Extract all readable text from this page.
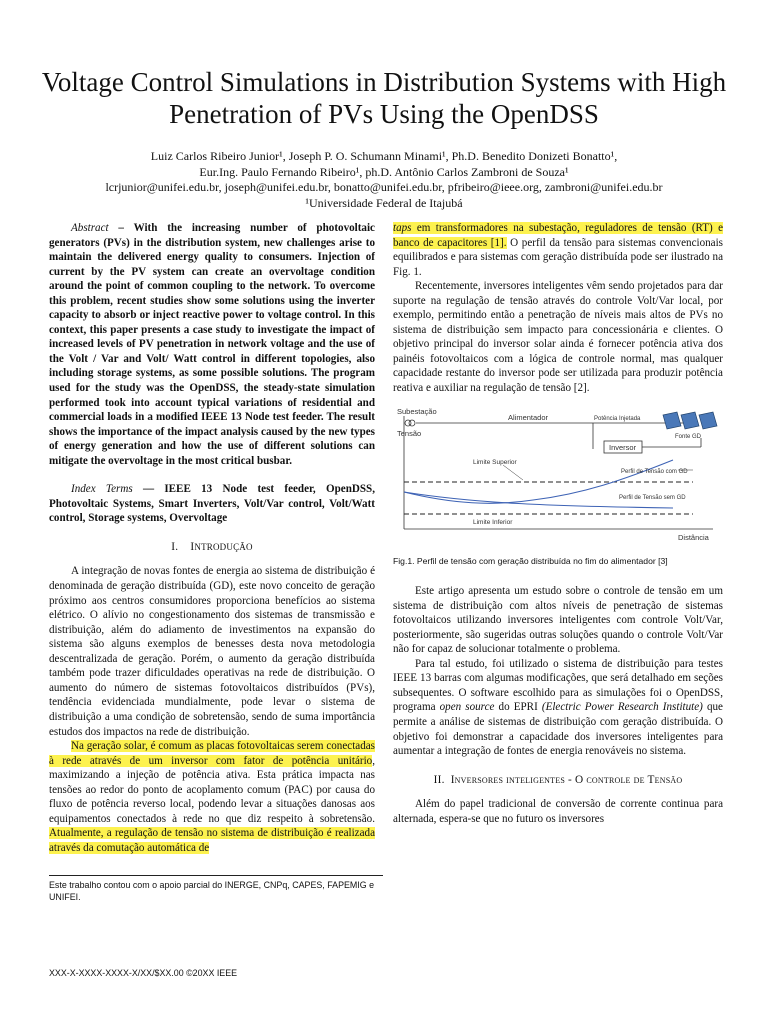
Voltage Control Simulations in Distribution Systems with High Penetration of PVs Using the OpenDSS
Luiz Carlos Ribeiro Junior¹, Joseph P. O. Schumann Minami¹, Ph.D. Benedito Donizeti Bonatto¹,
Eur.Ing. Paulo Fernando Ribeiro¹, ph.D. Antônio Carlos Zambroni de Souza¹
lcrjunior@unifei.edu.br, joseph@unifei.edu.br, bonatto@unifei.edu.br, pfribeiro@ieee.org, zambroni@unifei.edu.br
¹Universidade Federal de Itajubá

Abstract – With the increasing number of photovoltaic generators (PVs) in the distribution system, new challenges arise to maintain the delivered energy quality to consumers. Injection of current by the PV system can create an overvoltage condition around the point of common coupling to the network. To overcome this problem, recent studies show some solutions using the inverter capacity to absorb or inject reactive power to voltage control. In this context, this paper presents a case study to investigate the impact of increased levels of PV penetration in network voltage and the use of the Volt / Var and Volt/ Watt control in different topologies, also including storage systems, as some possible solutions. The program used for the study was the OpenDSS, the steady-state simulation performed took into account typical variations of residential and commercial loads in a modified IEEE 13 Node test feeder. The result shows the importance of the impact analysis caused by the new types of energy generation and how the use of different solutions can mitigate the overvoltage in the most critical busbar.

Index Terms — IEEE 13 Node test feeder, OpenDSS, Photovoltaic Systems, Smart Inverters, Volt/Var control, Volt/Watt control, Storage systems, Overvoltage

I. INTRODUÇÃO

A integração de novas fontes de energia ao sistema de distribuição é denominada de geração distribuída (GD), este novo conceito de geração próximo aos centros consumidores proporciona benefícios ao sistema elétrico. O alívio no congestionamento dos sistemas de transmissão e distribuição, além do adiamento de investimentos na expansão do sistema são alguns exemplos de benesses desta nova metodologia descentralizada de geração. Porém, o aumento da geração distribuída também pode trazer dificuldades operativas na rede de distribuição. O aumento do número de sistemas fotovoltaicos distribuídos (PVs), tendência evidenciada mundialmente, pode levar o sistema de distribuição a uma condição de sobretensão, sendo de suma importância estudos dos impactos na rede de distribuição.

Na geração solar, é comum as placas fotovoltaicas serem conectadas à rede através de um inversor com fator de potência unitário, maximizando a injeção de potência ativa. Esta prática impacta nas tensões ao redor do ponto de acoplamento comum (PAC) por causa do fluxo de potência reverso local, podendo levar a situações danosas aos equipamentos conectados à rede no que diz respeito à sobretensão. Atualmente, a regulação de tensão no sistema de distribuição é realizada através da comutação automática de

Este trabalho contou com o apoio parcial do INERGE, CNPq, CAPES, FAPEMIG e UNIFEI.
XXX-X-XXXX-XXXX-X/XX/$XX.00 ©20XX IEEE

taps em transformadores na subestação, reguladores de tensão (RT) e banco de capacitores [1]. O perfil da tensão para sistemas convencionais equilibrados e para sistemas com geração distribuída pode ser ilustrado na Fig. 1.

Recentemente, inversores inteligentes vêm sendo projetados para dar suporte na regulação de tensão através do controle Volt/Var local, por exemplo, permitindo então a penetração de níveis mais altos de PVs no sistema de distribuição sem impacto para concessionária e clientes. O objetivo principal do inversor solar ainda é fornecer potência ativa dos painéis fotovoltaicos com a lógica de controle normal, mas qualquer capacidade restante do inversor pode ser utilizada para produzir potência reativa e auxiliar na regulação de tensão [2].

Subestação
Tensão
Alimentador	Potência Injetada
Inversor
Fonte GD
Distância
Limite Superior
Limite Inferior
Perfil de Tensão com GD
Perfil de Tensão sem GD

Fig.1. Perfil de tensão com geração distribuída no fim do alimentador [3]

Este artigo apresenta um estudo sobre o controle de tensão em um sistema de distribuição com altos níveis de penetração de sistemas fotovoltaicos utilizando inversores inteligentes com controle Volt/Var, posteriormente, são sugeridas outras soluções quando o controle Volt/Var não for capaz de solucionar totalmente o problema.

Para tal estudo, foi utilizado o sistema de distribuição para testes IEEE 13 barras com algumas modificações, que será detalhado em seções subsequentes. O software escolhido para as simulações foi o OpenDSS, programa open source do EPRI (Electric Power Research Institute) que permite a análise de sistemas de distribuição com geração distribuída. O objetivo foi demonstrar a capacidade dos inversores inteligentes para aumentar a integração de fontes de energia renováveis no sistema.

II. Inversores inteligentes - O controle de Tensão

Além do papel tradicional de conversão de corrente continua para alternada, espera-se que no futuro os inversores
